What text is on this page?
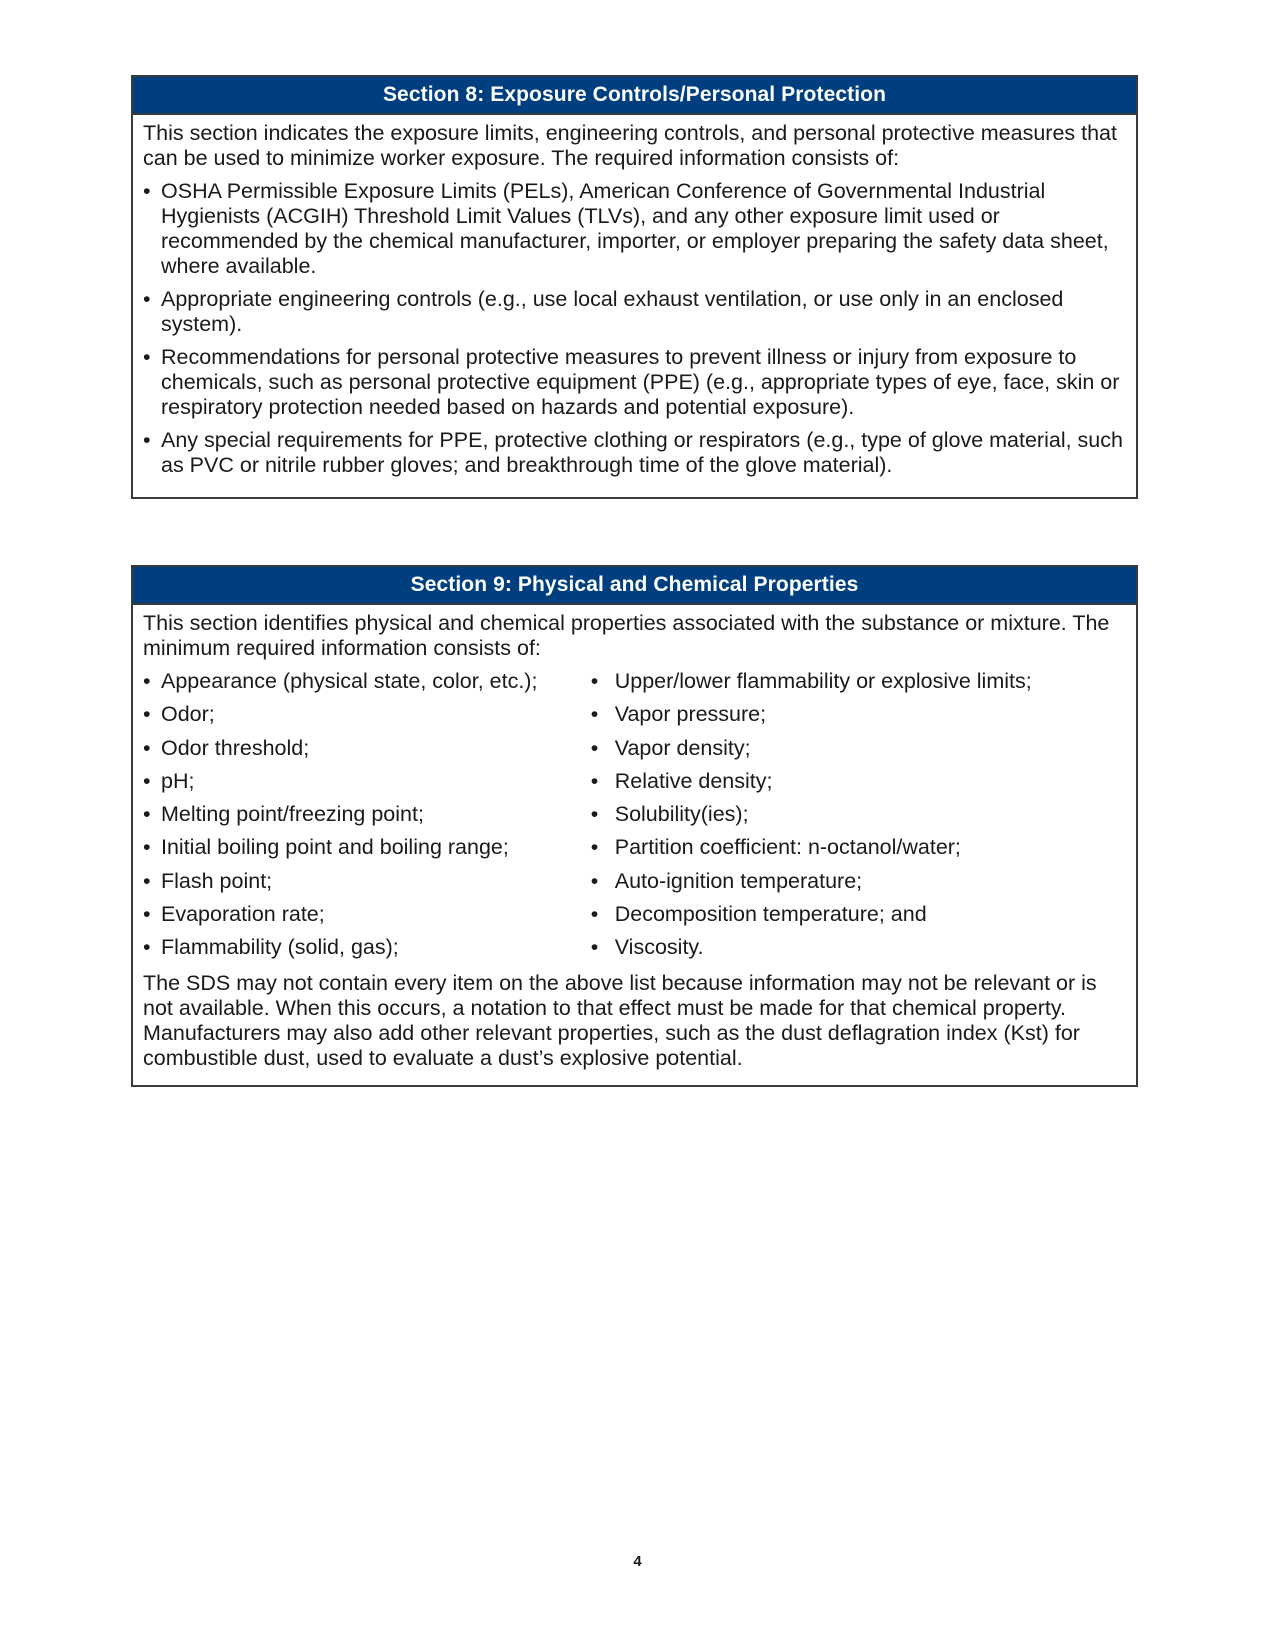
Section 8: Exposure Controls/Personal Protection

This section indicates the exposure limits, engineering controls, and personal protective measures that can be used to minimize worker exposure. The required information consists of:

• OSHA Permissible Exposure Limits (PELs), American Conference of Governmental Industrial Hygienists (ACGIH) Threshold Limit Values (TLVs), and any other exposure limit used or recommended by the chemical manufacturer, importer, or employer preparing the safety data sheet, where available.
• Appropriate engineering controls (e.g., use local exhaust ventilation, or use only in an enclosed system).
• Recommendations for personal protective measures to prevent illness or injury from exposure to chemicals, such as personal protective equipment (PPE) (e.g., appropriate types of eye, face, skin or respiratory protection needed based on hazards and potential exposure).
• Any special requirements for PPE, protective clothing or respirators (e.g., type of glove material, such as PVC or nitrile rubber gloves; and breakthrough time of the glove material).
Section 9: Physical and Chemical Properties

This section identifies physical and chemical properties associated with the substance or mixture. The minimum required information consists of:

• Appearance (physical state, color, etc.);
• Odor;
• Odor threshold;
• pH;
• Melting point/freezing point;
• Initial boiling point and boiling range;
• Flash point;
• Evaporation rate;
• Flammability (solid, gas);
• Upper/lower flammability or explosive limits;
• Vapor pressure;
• Vapor density;
• Relative density;
• Solubility(ies);
• Partition coefficient: n-octanol/water;
• Auto-ignition temperature;
• Decomposition temperature; and
• Viscosity.

The SDS may not contain every item on the above list because information may not be relevant or is not available. When this occurs, a notation to that effect must be made for that chemical property. Manufacturers may also add other relevant properties, such as the dust deflagration index (Kst) for combustible dust, used to evaluate a dust’s explosive potential.

4
